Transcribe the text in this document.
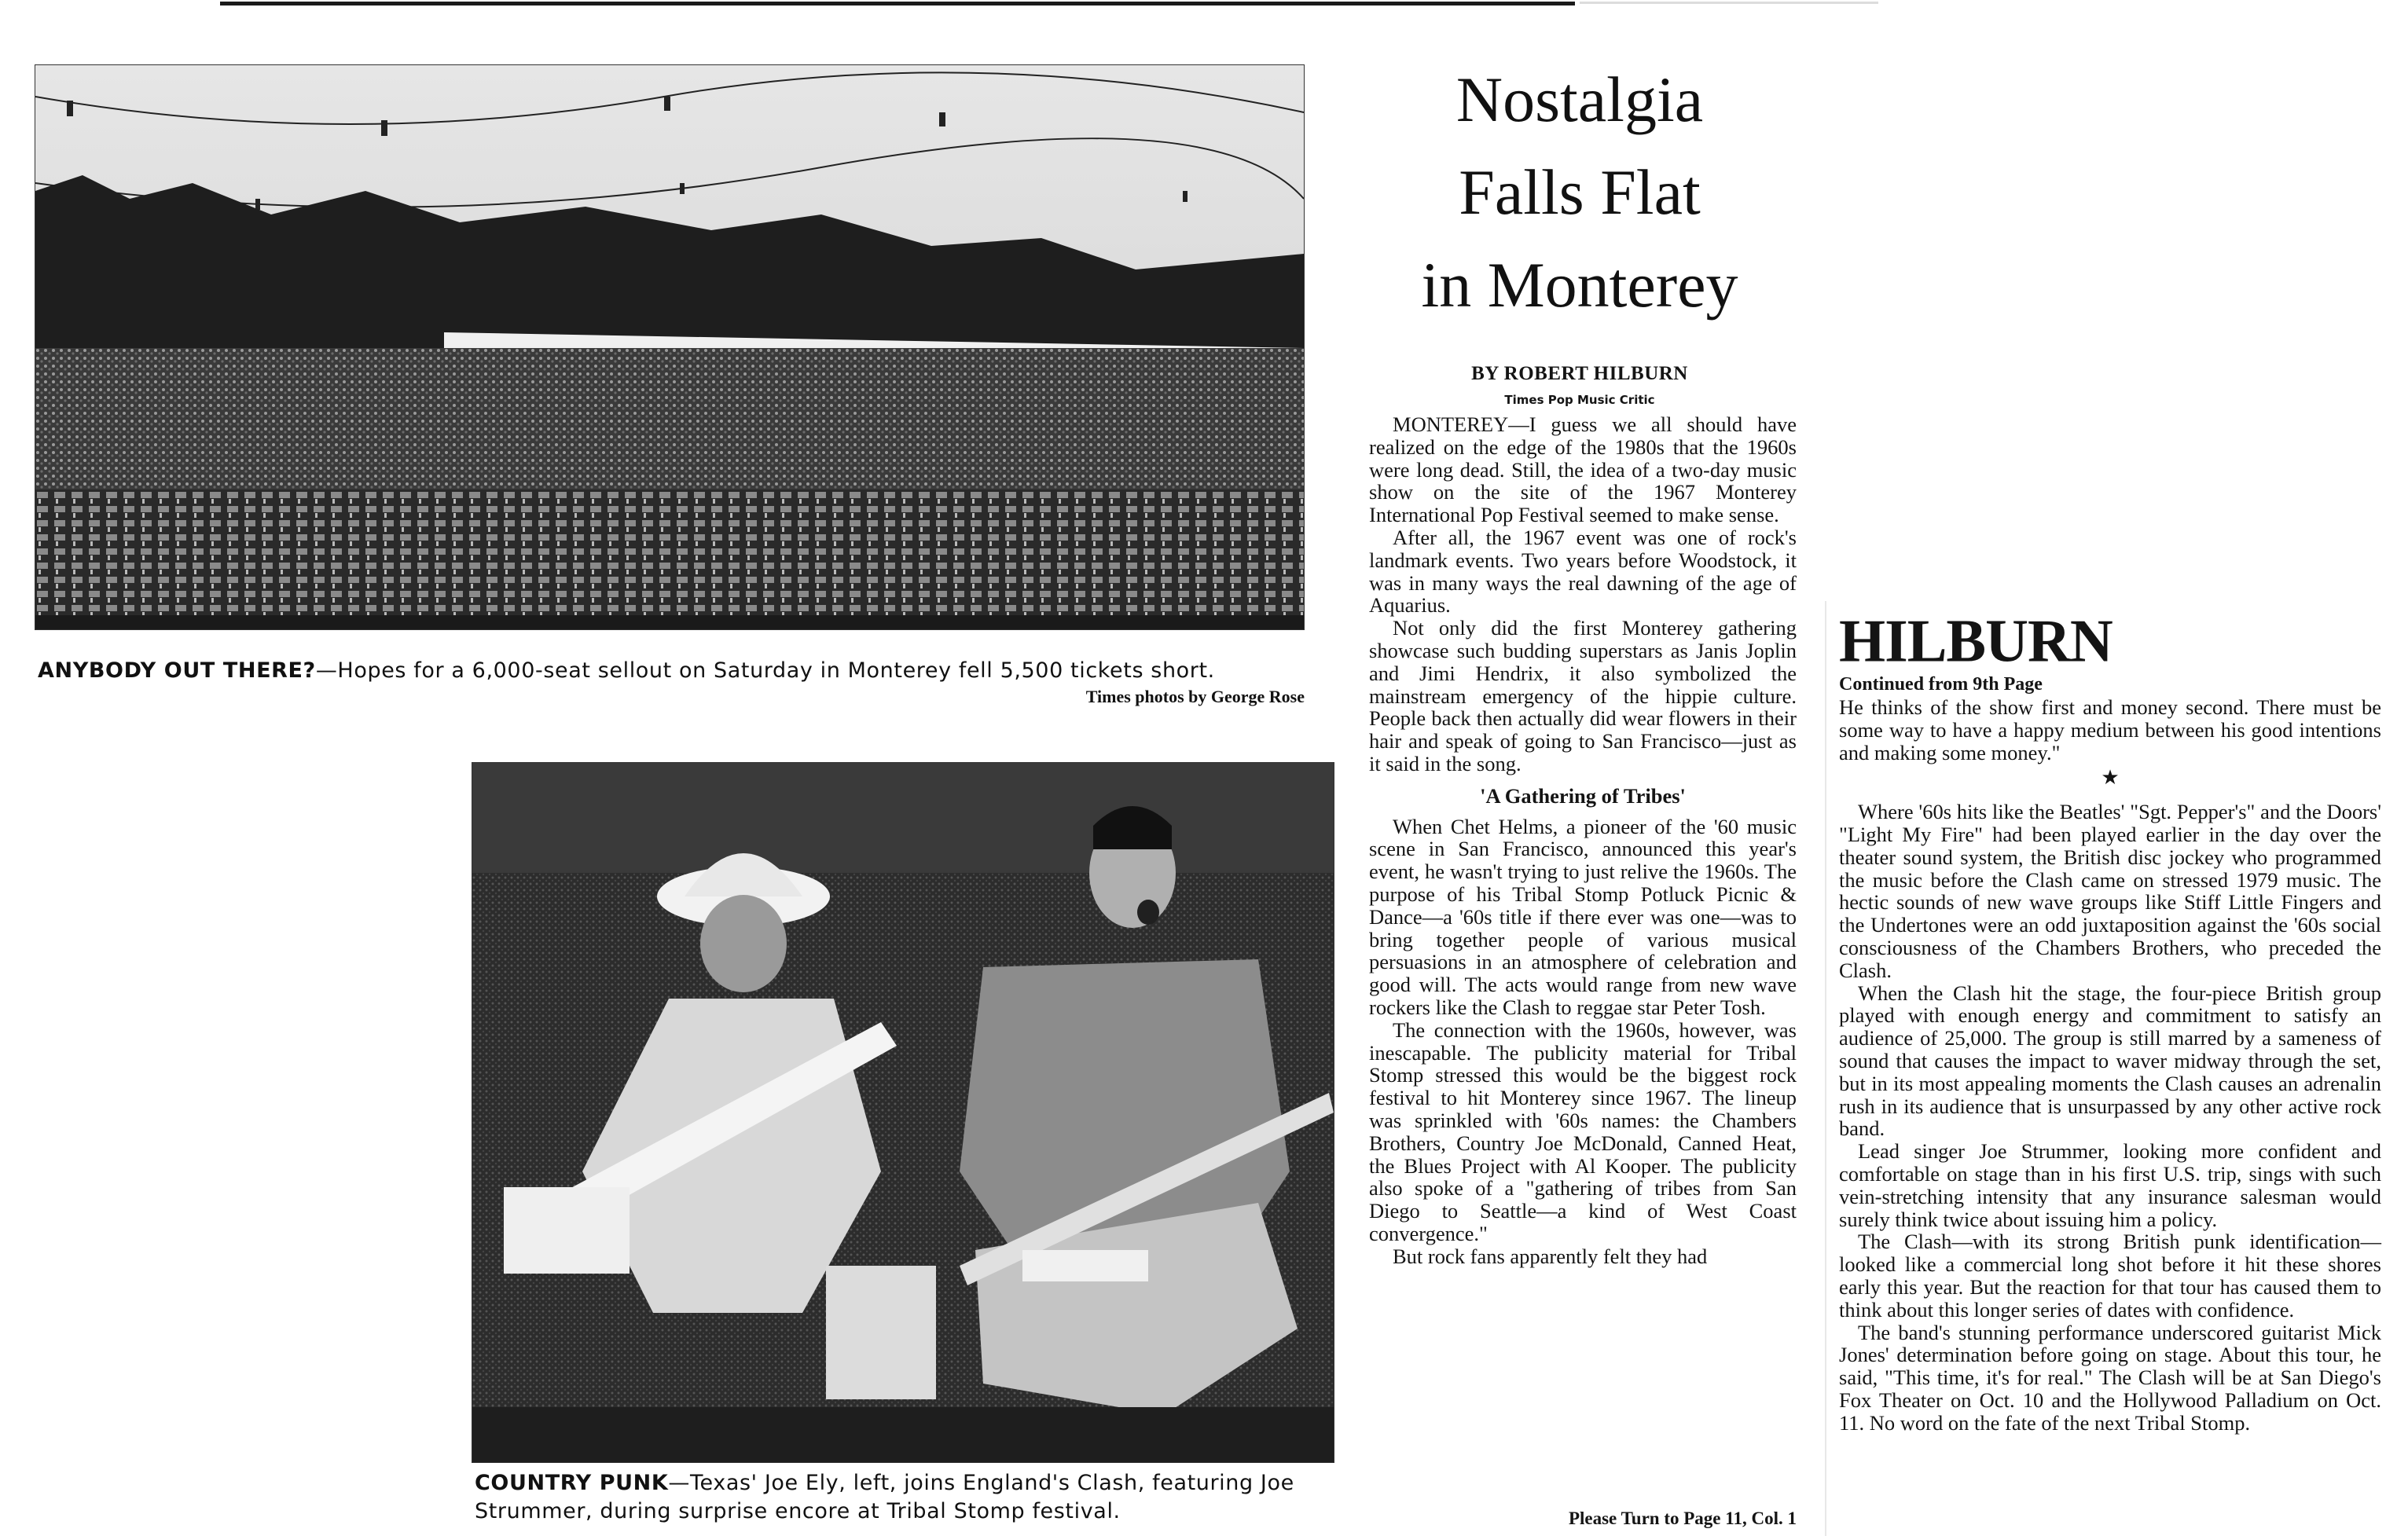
ANYBODY OUT THERE?—Hopes for a 6,000-seat sellout on Saturday in Monterey fell 5,500 tickets short.
Times photos by George Rose
COUNTRY PUNK—Texas' Joe Ely, left, joins England's Clash, featuring Joe Strummer, during surprise encore at Tribal Stomp festival.
Nostalgia
Falls Flat
in Monterey
BY ROBERT HILBURN
Times Pop Music Critic

MONTEREY—I guess we all should have realized on the edge of the 1980s that the 1960s were long dead. Still, the idea of a two-day music show on the site of the 1967 Monterey International Pop Festival seemed to make sense.

After all, the 1967 event was one of rock's landmark events. Two years before Woodstock, it was in many ways the real dawning of the age of Aquarius.

Not only did the first Monterey gathering showcase such budding superstars as Janis Joplin and Jimi Hendrix, it also symbolized the mainstream emergency of the hippie culture. People back then actually did wear flowers in their hair and speak of going to San Francisco—just as it said in the song.

'A Gathering of Tribes'

When Chet Helms, a pioneer of the '60 music scene in San Francisco, announced this year's event, he wasn't trying to just relive the 1960s. The purpose of his Tribal Stomp Potluck Picnic & Dance—a '60s title if there ever was one—was to bring together people of various musical persuasions in an atmosphere of celebration and good will. The acts would range from new wave rockers like the Clash to reggae star Peter Tosh.

The connection with the 1960s, however, was inescapable. The publicity material for Tribal Stomp stressed this would be the biggest rock festival to hit Monterey since 1967. The lineup was sprinkled with '60s names: the Chambers Brothers, Country Joe McDonald, Canned Heat, the Blues Project with Al Kooper. The publicity also spoke of a "gathering of tribes from San Diego to Seattle—a kind of West Coast convergence."

But rock fans apparently felt they had

Please Turn to Page 11, Col. 1
HILBURN
Continued from 9th Page

He thinks of the show first and money second. There must be some way to have a happy medium between his good intentions and making some money."

★

Where '60s hits like the Beatles' "Sgt. Pepper's" and the Doors' "Light My Fire" had been played earlier in the day over the theater sound system, the British disc jockey who programmed the music before the Clash came on stressed 1979 music. The hectic sounds of new wave groups like Stiff Little Fingers and the Undertones were an odd juxtaposition against the '60s social consciousness of the Chambers Brothers, who preceded the Clash.

When the Clash hit the stage, the four-piece British group played with enough energy and commitment to satisfy an audience of 25,000. The group is still marred by a sameness of sound that causes the impact to waver midway through the set, but in its most appealing moments the Clash causes an adrenalin rush in its audience that is unsurpassed by any other active rock band.

Lead singer Joe Strummer, looking more confident and comfortable on stage than in his first U.S. trip, sings with such vein-stretching intensity that any insurance salesman would surely think twice about issuing him a policy.

The Clash—with its strong British punk identification—looked like a commercial long shot before it hit these shores early this year. But the reaction for that tour has caused them to think about this longer series of dates with confidence.

The band's stunning performance underscored guitarist Mick Jones' determination before going on stage. About this tour, he said, "This time, it's for real." The Clash will be at San Diego's Fox Theater on Oct. 10 and the Hollywood Palladium on Oct. 11. No word on the fate of the next Tribal Stomp.
